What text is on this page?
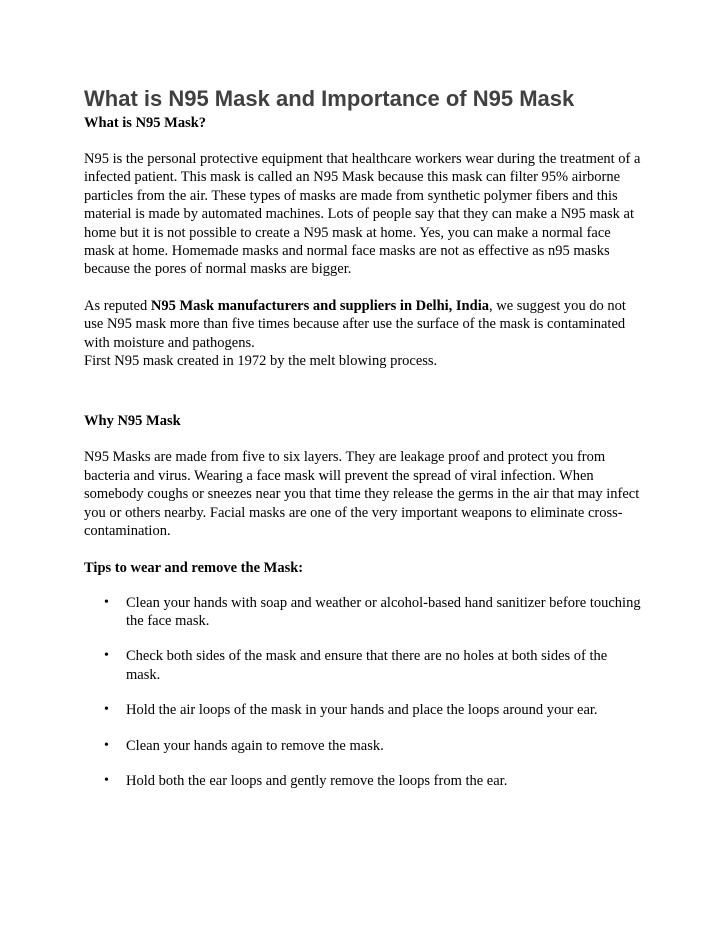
What is N95 Mask and Importance of N95 Mask
What is N95 Mask?

N95 is the personal protective equipment that healthcare workers wear during the treatment of a infected patient. This mask is called an N95 Mask because this mask can filter 95% airborne particles from the air. These types of masks are made from synthetic polymer fibers and this material is made by automated machines. Lots of people say that they can make a N95 mask at home but it is not possible to create a N95 mask at home. Yes, you can make a normal face mask at home. Homemade masks and normal face masks are not as effective as n95 masks because the pores of normal masks are bigger.

As reputed N95 Mask manufacturers and suppliers in Delhi, India, we suggest you do not use N95 mask more than five times because after use the surface of the mask is contaminated with moisture and pathogens.

First N95 mask created in 1972 by the melt blowing process.

Why N95 Mask

N95 Masks are made from five to six layers. They are leakage proof and protect you from bacteria and virus. Wearing a face mask will prevent the spread of viral infection. When somebody coughs or sneezes near you that time they release the germs in the air that may infect you or others nearby. Facial masks are one of the very important weapons to eliminate cross-contamination.

Tips to wear and remove the Mask:
• Clean your hands with soap and weather or alcohol-based hand sanitizer before touching the face mask.
• Check both sides of the mask and ensure that there are no holes at both sides of the mask.
• Hold the air loops of the mask in your hands and place the loops around your ear.
• Clean your hands again to remove the mask.
• Hold both the ear loops and gently remove the loops from the ear.
